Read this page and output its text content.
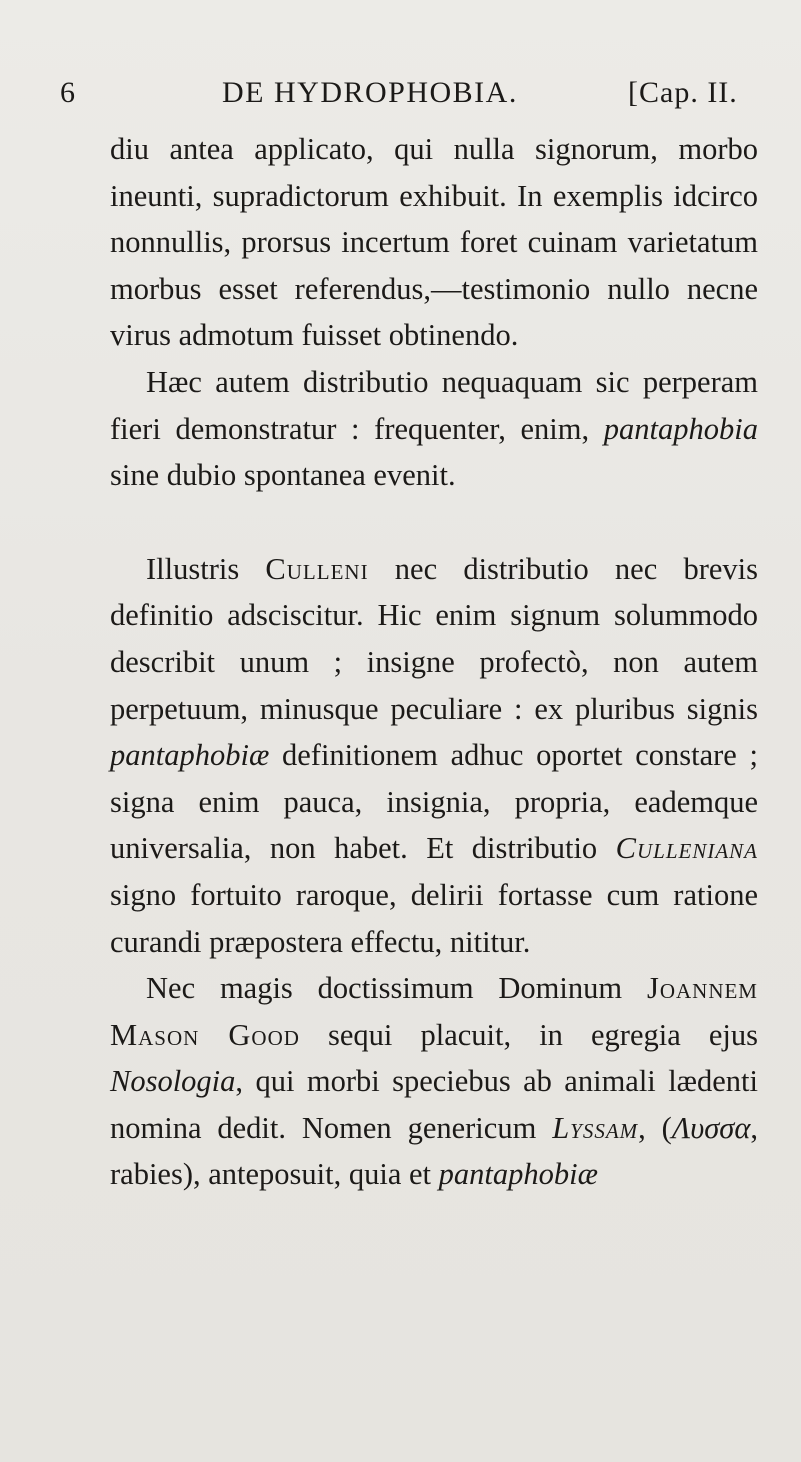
6	DE HYDROPHOBIA.	[Cap. II.

diu antea applicato, qui nulla signorum, morbo ineunti, supradictorum exhibuit. In exemplis idcirco nonnullis, prorsus incertum foret cuinam varietatum morbus esset referendus,—testimonio nullo necne virus admotum fuisset obtinendo.

Hæc autem distributio nequaquam sic perperam fieri demonstratur : frequenter, enim, pantaphobia sine dubio spontanea evenit.

Illustris Culleni nec distributio nec brevis definitio adsciscitur. Hic enim signum solummodo describit unum ; insigne profectò, non autem perpetuum, minusque peculiare : ex pluribus signis pantaphobiæ definitionem adhuc oportet constare ; signa enim pauca, insignia, propria, eademque universalia, non habet. Et distributio Culleniana signo fortuito raroque, delirii fortasse cum ratione curandi præpostera effectu, nititur.

Nec magis doctissimum Dominum Joannem Mason Good sequi placuit, in egregia ejus Nosologia, qui morbi speciebus ab animali lædenti nomina dedit. Nomen genericum Lyssam, (Λυσσα, rabies), anteposuit, quia et pantaphobiæ
